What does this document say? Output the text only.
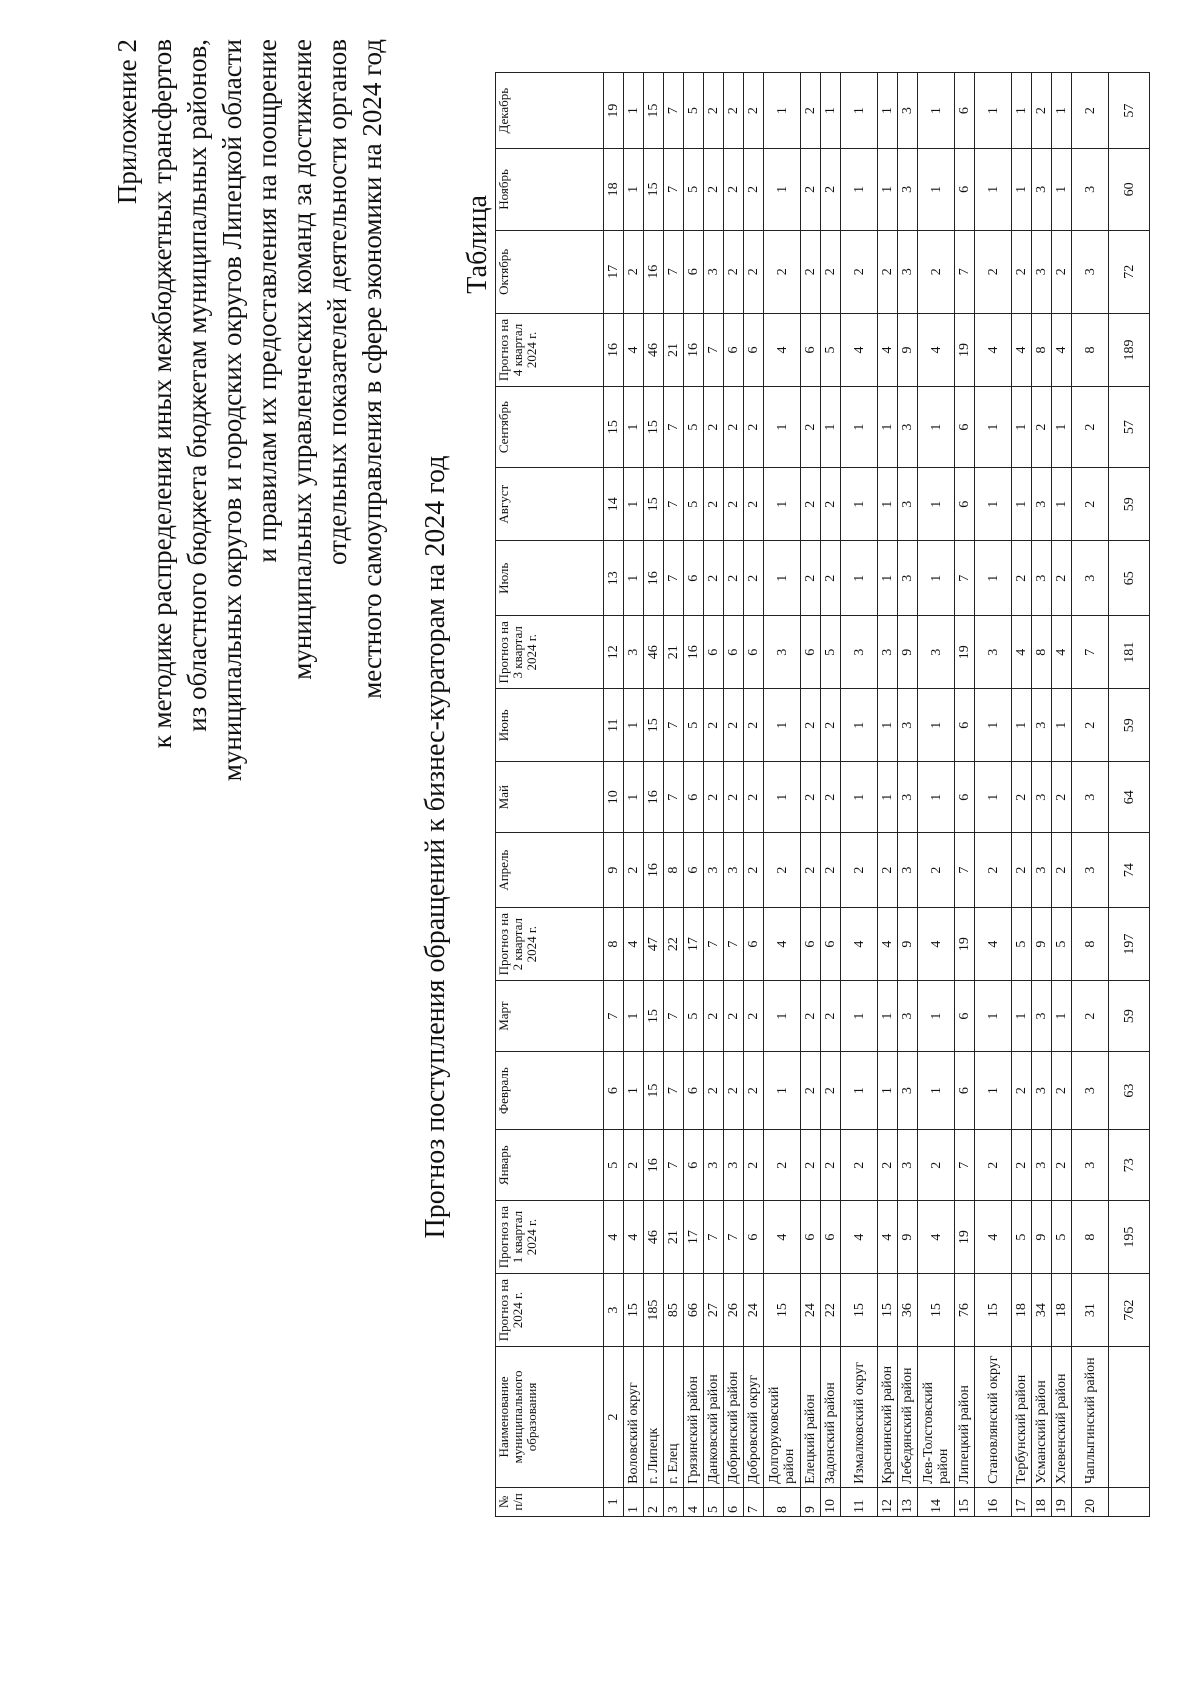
Приложение 2 к методике распределения иных межбюджетных трансфертов из областного бюджета бюджетам муниципальных районов, муниципальных округов и городских округов Липецкой области и правилам их предоставления на поощрение муниципальных управленческих команд за достижение отдельных показателей деятельности органов местного самоуправления в сфере экономики на 2024 год
Прогноз поступления обращений к бизнес-кураторам на 2024 год
Таблица
№ п/п	Наименование муниципального образования	Прогноз на 2024 г.	Прогноз на 1 квартал 2024 г.	Январь	Февраль	Март	Прогноз на 2 квартал 2024 г.	Апрель	Май	Июнь	Прогноз на 3 квартал 2024 г.	Июль	Август	Сентябрь	Прогноз на 4 квартал 2024 г.	Октябрь	Ноябрь	Декабрь
1	2	3	4	5	6	7	8	9	10	11	12	13	14	15	16	17	18	19
1	Воловский округ	15	4	2	1	1	4	2	1	1	3	1	1	1	4	2	1	1
2	г. Липецк	185	46	16	15	15	47	16	16	15	46	16	15	15	46	16	15	15
3	г. Елец	85	21	7	7	7	22	8	7	7	21	7	7	7	21	7	7	7
4	Грязинский район	66	17	6	6	5	17	6	6	5	16	6	5	5	16	6	5	5
5	Данковский район	27	7	3	2	2	7	3	2	2	6	2	2	2	7	3	2	2
6	Добринский район	26	7	3	2	2	7	3	2	2	6	2	2	2	6	2	2	2
7	Добровский округ	24	6	2	2	2	6	2	2	2	6	2	2	2	6	2	2	2
8	Долгоруковский район	15	4	2	1	1	4	2	1	1	3	1	1	1	4	2	1	1
9	Елецкий район	24	6	2	2	2	6	2	2	2	6	2	2	2	6	2	2	2
10	Задонский район	22	6	2	2	2	6	2	2	2	5	2	2	1	5	2	2	1
11	Измалковский округ	15	4	2	1	1	4	2	1	1	3	1	1	1	4	2	1	1
12	Краснинский район	15	4	2	1	1	4	2	1	1	3	1	1	1	4	2	1	1
13	Лебедянский район	36	9	3	3	3	9	3	3	3	9	3	3	3	9	3	3	3
14	Лев-Толстовский район	15	4	2	1	1	4	2	1	1	3	1	1	1	4	2	1	1
15	Липецкий район	76	19	7	6	6	19	7	6	6	19	7	6	6	19	7	6	6
16	Становлянский округ	15	4	2	1	1	4	2	1	1	3	1	1	1	4	2	1	1
17	Тербунский район	18	5	2	2	1	5	2	2	1	4	2	1	1	4	2	1	1
18	Усманский район	34	9	3	3	3	9	3	3	3	8	3	3	2	8	3	3	2
19	Хлевенский район	18	5	2	2	1	5	2	2	1	4	2	1	1	4	2	1	1
20	Чаплыгинский район	31	8	3	3	2	8	3	3	2	7	3	2	2	8	3	3	2
		762	195	73	63	59	197	74	64	59	181	65	59	57	189	72	60	57
